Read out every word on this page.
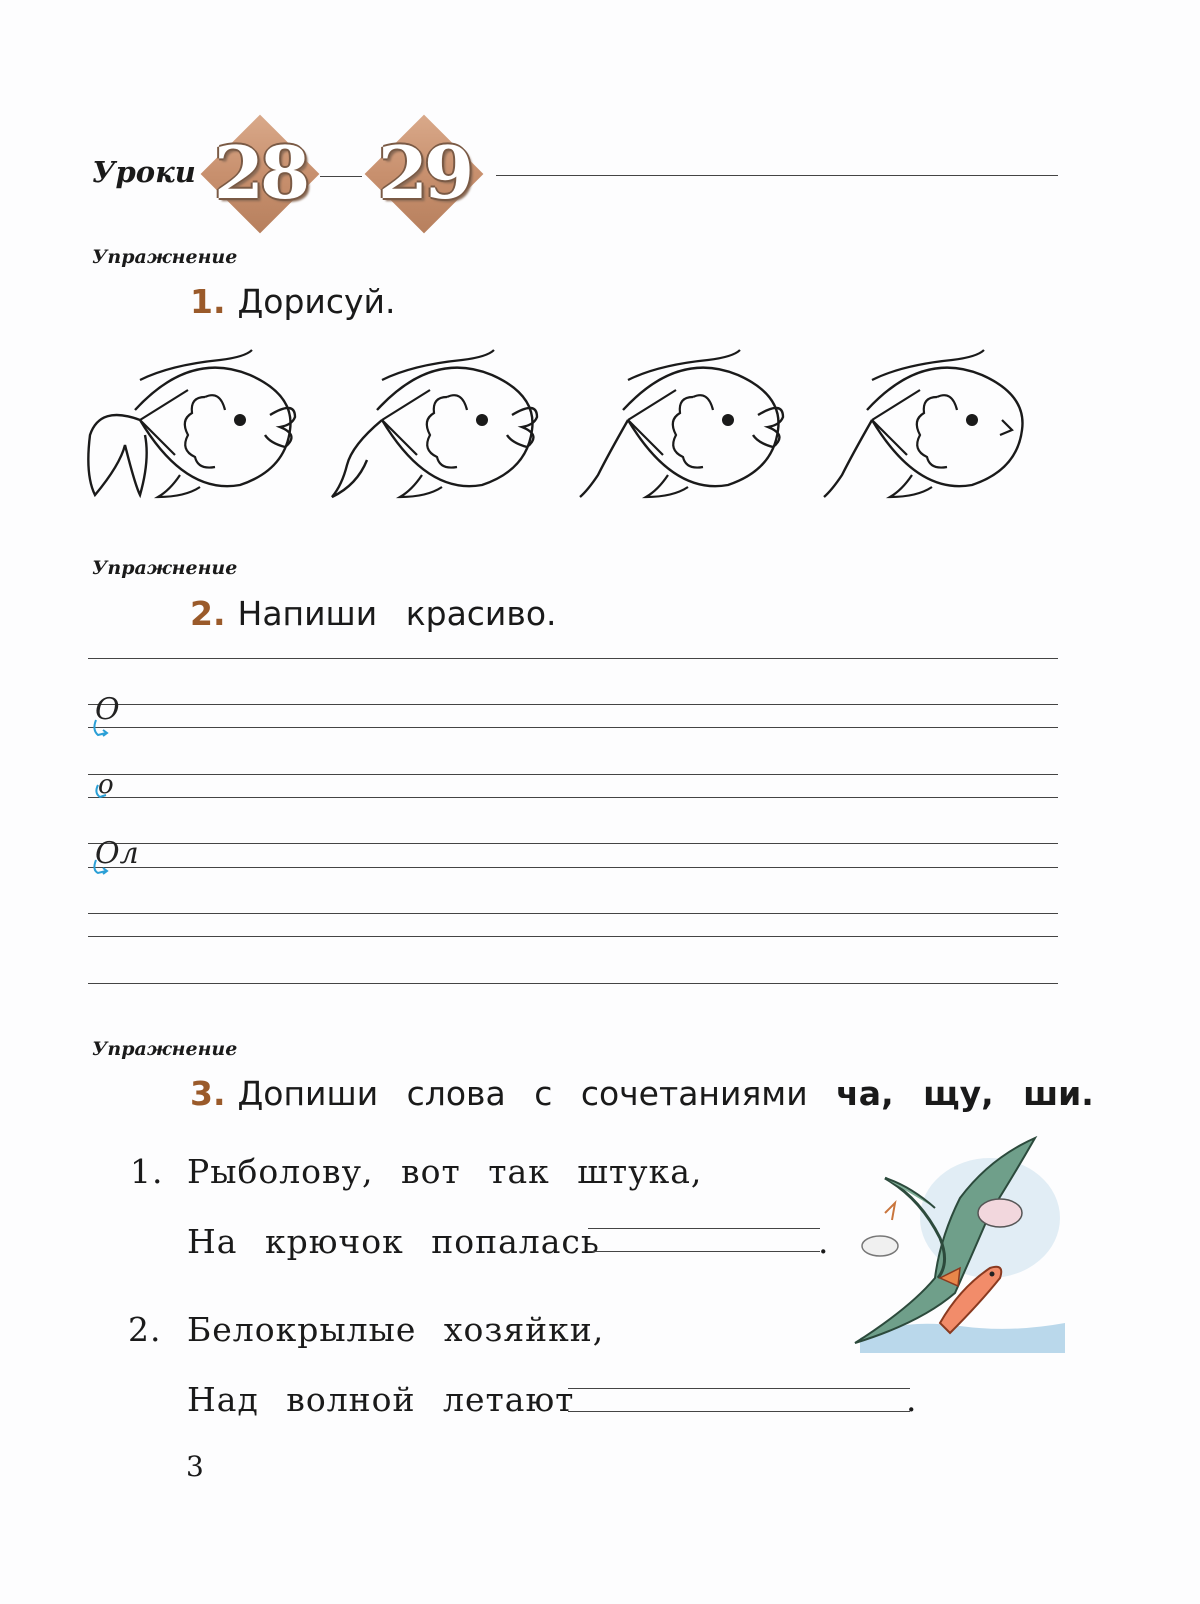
Уроки 28 29
Упражнение
1. Дорисуй.
Упражнение
2. Напиши красиво.
О
о
Ол
Упражнение
3. Допиши слова с сочетаниями ча, щу, ши.
1. Рыболову, вот так штука,
На крючок попалась	.
2. Белокрылые хозяйки,
Над волной летают	.
3
